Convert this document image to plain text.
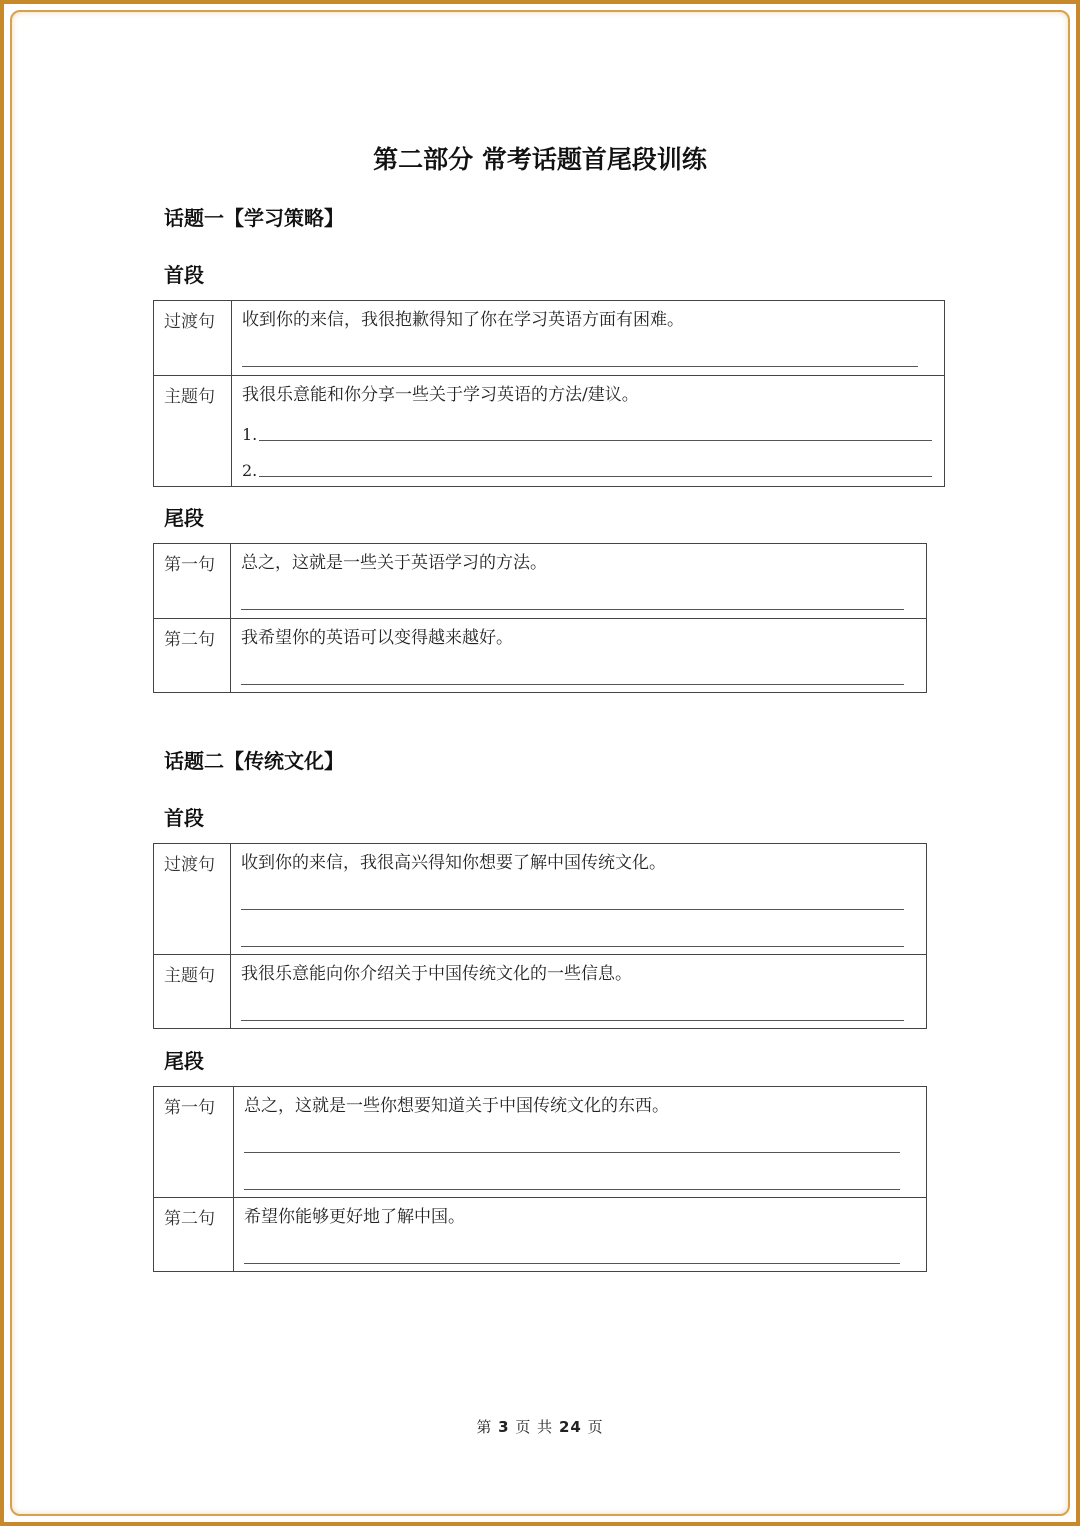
第二部分 常考话题首尾段训练
话题一【学习策略】
首段
过渡句	收到你的来信，我很抱歉得知了你在学习英语方面有困难。

主题句	我很乐意能和你分享一些关于学习英语的方法/建议。
1.
2.
尾段
第一句	总之，这就是一些关于英语学习的方法。

第二句	我希望你的英语可以变得越来越好。
话题二【传统文化】
首段
过渡句	收到你的来信，我很高兴得知你想要了解中国传统文化。

主题句	我很乐意能向你介绍关于中国传统文化的一些信息。
尾段
第一句	总之，这就是一些你想要知道关于中国传统文化的东西。

第二句	希望你能够更好地了解中国。
第 3 页 共 24 页
